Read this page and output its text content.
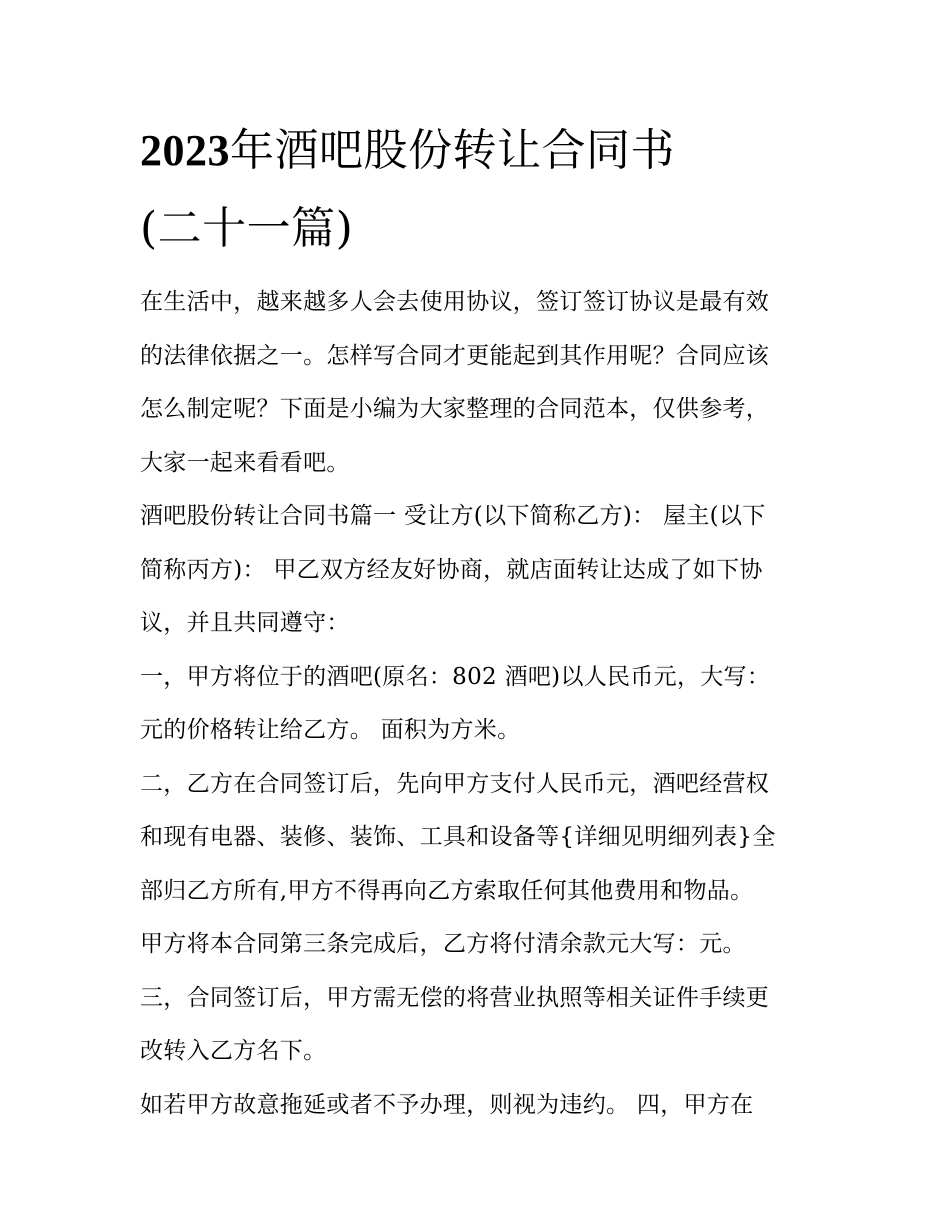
2023年酒吧股份转让合同书
(二十一篇)
在生活中，越来越多人会去使用协议，签订签订协议是最有效
的法律依据之一。怎样写合同才更能起到其作用呢？合同应该
怎么制定呢？下面是小编为大家整理的合同范本，仅供参考，
大家一起来看看吧。
酒吧股份转让合同书篇一 受让方(以下简称乙方)： 屋主(以下
简称丙方)： 甲乙双方经友好协商，就店面转让达成了如下协
议，并且共同遵守：
一，甲方将位于的酒吧(原名：802 酒吧)以人民币元，大写：
元的价格转让给乙方。 面积为方米。
二，乙方在合同签订后，先向甲方支付人民币元，酒吧经营权
和现有电器、装修、装饰、工具和设备等{详细见明细列表}全
部归乙方所有,甲方不得再向乙方索取任何其他费用和物品。
甲方将本合同第三条完成后，乙方将付清余款元大写：元。
三，合同签订后，甲方需无偿的将营业执照等相关证件手续更
改转入乙方名下。
如若甲方故意拖延或者不予办理，则视为违约。 四，甲方在
